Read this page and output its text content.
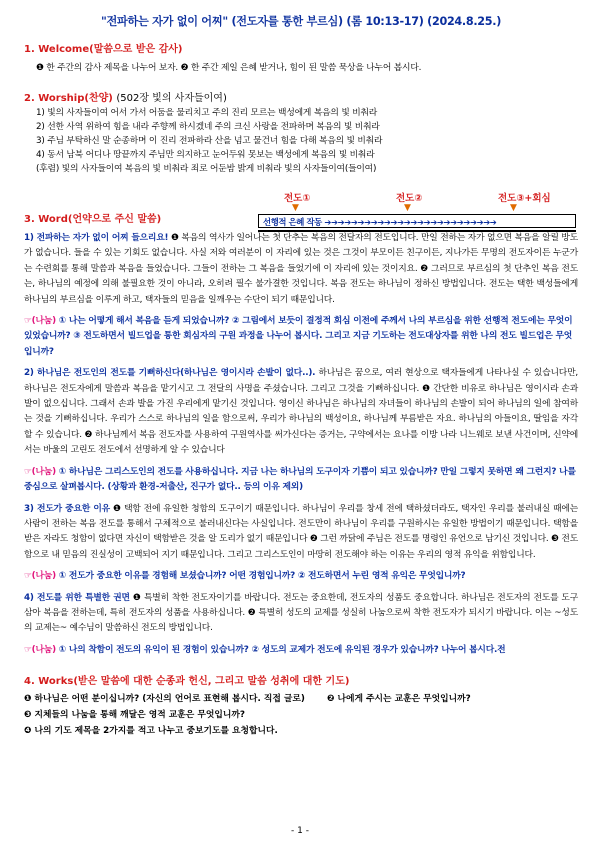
"전파하는 자가 없이 어찌" (전도자를 통한 부르심) (롬 10:13-17) (2024.8.25.)
1. Welcome(말씀으로 받은 감사)
❶ 한 주간의 감사 제목을 나누어 보자. ❷ 한 주간 제일 은혜 받거나, 힘이 된 말씀 묵상을 나누어 봅시다.
2. Worship(찬양) (502장 빛의 사자들이여)
1) 빛의 사자들이여 어서 가서 어둠을 물리치고 주의 진리 모르는 백성에게 복음의 빛 비춰라
2) 선한 사역 위하여 힘을 내라 주향께 하시겠네 주의 크신 사랑을 전파하며 복음의 빛 비춰라
3) 주님 부탁하신 말 순종하며 이 진리 전파하라 산을 넘고 물건너 힘을 다해 복음의 빛 비춰라
4) 동서 남북 어디나 땅끝까지 주님만 의지하고 눈어두워 못보는 백성에게 복음의 빛 비춰라
(후렴) 빛의 사자들이여 복음의 빛 비춰라 죄로 어둔밤 밝게 비춰라 빛의 사자들이여(들이여)
3. Word(언약으로 주신 말씀)
1) 전파하는 자가 없이 어찌 들으리요! ❶ 복음의 역사가 일어나는 첫 단추는 복음의 전달자의 전도입니다. 만일 전하는 자가 없으면 복음을 알릴 방도가 없습니다. 들을 수 있는 기회도 없습니다. 사실 저와 여러분이 이 자리에 있는 것은 그것이 부모이든 친구이든, 지나가든 무명의 전도자이든 누군가는 수련회를 통해 말씀과 복음을 들었습니다. 그들이 전하는 그 복음을 들었기에 이 자리에 있는 것이지요. ❷ 그러므로 부르심의 첫 단추인 복음 전도는, 하나님의 예정에 의해 불필요한 것이 아니라, 오히려 필수 불가결한 것입니다. 복음 전도는 하나님이 정하신 방법입니다. 전도는 택한 백성들에게 하나님의 부르심을 이루게 하고, 택자들의 믿음을 일깨우는 수단이 되기 때문입니다.
☞(나눔) ① 나는 어떻게 해서 복음을 듣게 되었습니까? ② 그림에서 보듯이 결정적 회심 이전에 주께서 나의 부르심을 위한 선행적 전도에는 무엇이 있었습니까? ③ 전도하면서 빌드업을 통한 회심자의 구원 과정을 나누어 봅시다. 그리고 지금 기도하는 전도대상자를 위한 나의 전도 빌드업은 무엇입니까?
2) 하나님은 전도인의 전도를 기뻐하신다(하나님은 영이시라 손발이 없다..). 하나님은 꿈으로, 여러 현상으로 택자들에게 나타나실 수 있습니다만, 하나님은 전도자에게 말씀과 복음을 맡기시고 그 전달의 사명을 주셨습니다. 그리고 그것을 기뻐하십니다. ❶ 간단한 비유로 하나님은 영이시라 손과 발이 없으십니다. 그래서 손과 발을 가진 우리에게 맡기신 것입니다. 영이신 하나님은 하나님의 자녀들이 하나님의 손발이 되어 하나님의 일에 참여하는 것을 기뻐하십니다. 우리가 스스로 하나님의 일을 함으로써, 우리가 하나님의 백성이요, 하나님께 부름받은 자요. 하나님의 아들이요, 딸임을 자각할 수 있습니다. ❷ 하나님께서 복음 전도자를 사용하여 구원역사를 써가신다는 증거는, 구약에서는 요나를 이방 나라 니느웨로 보낸 사건이며, 신약에서는 바울의 고린도 전도에서 선명하게 알 수 있습니다
☞(나눔) ① 하나님은 그리스도인의 전도를 사용하십니다. 지금 나는 하나님의 도구이자 기쁨이 되고 있습니까? 만일 그렇지 못하면 왜 그런지? 나를 중심으로 살펴봅시다. (상황과 환경-저출산, 진구가 없다.. 등의 이유 제외)
3) 전도가 중요한 이유 ❶ 택함 전에 유일한 청함의 도구이기 때문입니다. 하나님이 우리를 창세 전에 택하셨더라도, 택자인 우리를 불러내실 때에는 사람이 전하는 복음 전도를 통해서 구체적으로 불러내신다는 사실입니다. 전도만이 하나님이 우리를 구원하시는 유일한 방법이기 때문입니다. 택함을 받은 자라도 청함이 없다면 자신이 택함받은 것을 알 도리가 없기 때문입니다 ❷ 그런 까닭에 주님은 전도를 명령인 유언으로 남기신 것입니다. ❸ 전도함으로 내 믿음의 진실성이 고백되어 지기 때문입니다. 그리고 그리스도인이 마땅히 전도해야 하는 이유는 우리의 영적 유익을 위함입니다.
☞(나눔) ① 전도가 중요한 이유를 경험해 보셨습니까? 어떤 경험입니까? ② 전도하면서 누린 영적 유익은 무엇입니까?
4) 전도를 위한 특별한 권면 ❶ 특별히 착한 전도자이기를 바랍니다. 전도는 중요한데, 전도자의 성품도 중요합니다. 하나님은 전도자의 전도를 도구삼아 복음을 전하는데, 특히 전도자의 성품을 사용하십니다. ❷ 특별히 성도의 교제를 성실히 나눔으로써 착한 전도자가 되시기 바랍니다. 이는 ~성도의 교제는~ 예수님이 말씀하신 전도의 방법입니다.
☞(나눔) ① 나의 착함이 전도의 유익이 된 경험이 있습니까? ② 성도의 교제가 전도에 유익된 경우가 있습니까? 나누어 봅시다.전
4. Works(받은 말씀에 대한 순종과 헌신, 그리고 말씀 성취에 대한 기도)
❶ 하나님은 어떤 분이십니까? (자신의 언어로 표현해 봅시다. 직접 글로)	❷ 나에게 주시는 교훈은 무엇입니까?
❸ 지체들의 나눔을 통해 깨달은 영적 교훈은 무엇입니까?
❹ 나의 기도 제목을 2가지를 적고 나누고 중보기도를 요청합니다.
전도①	전도②	전도③+회심
▼	▼	▼
선행적 은혜 작동 ➔➔➔➔➔➔➔➔➔➔➔➔➔➔➔➔➔➔➔➔➔➔➔➔➔➔
- 1 -
